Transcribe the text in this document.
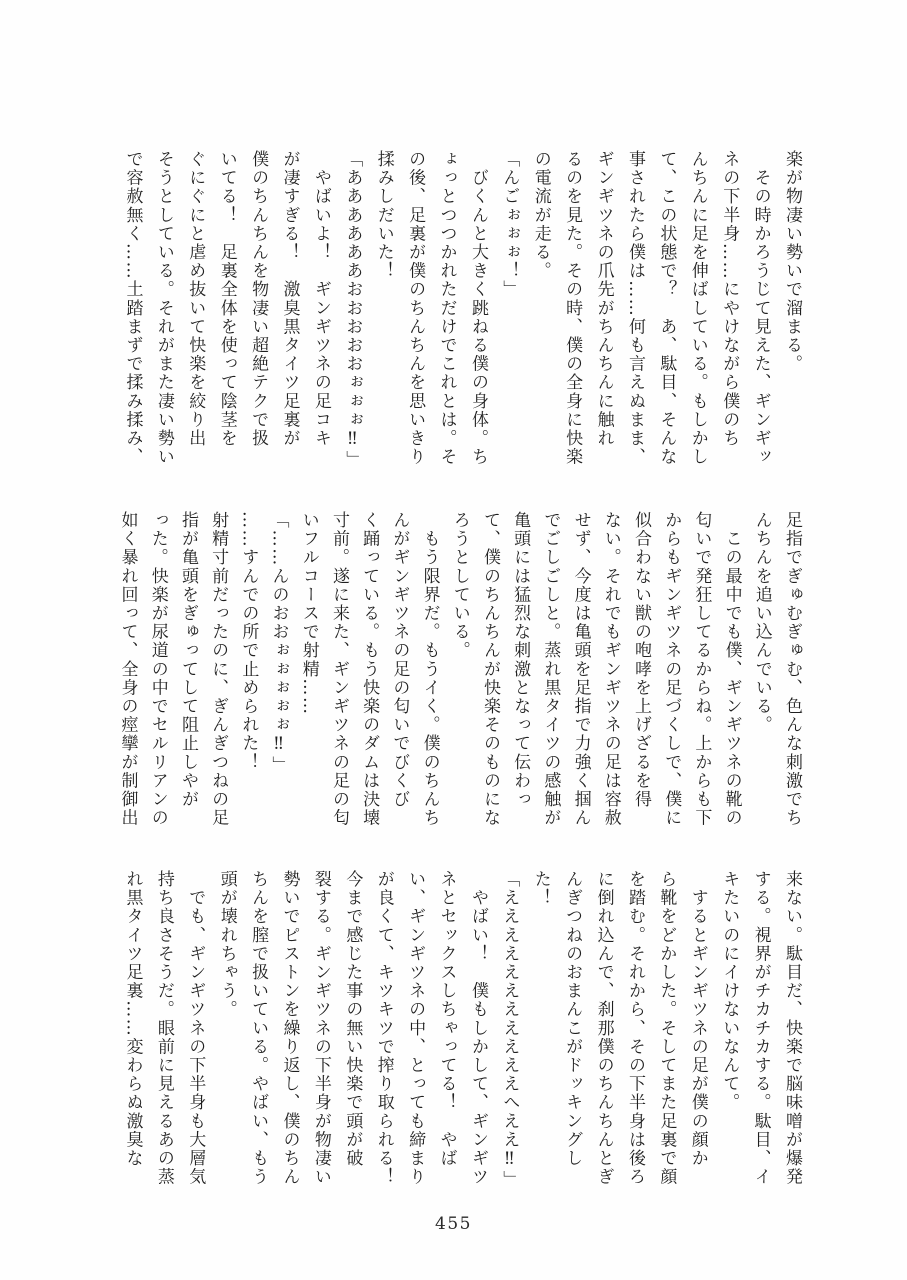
楽が物凄い勢いで溜まる。
　その時かろうじて見えた、ギンギッ
ネの下半身……にやけながら僕のち
んちんに足を伸ばしている。もしかし
て、この状態で？　あ、駄目、そんな
事されたら僕は……何も言えぬまま、
ギンギツネの爪先がちんちんに触れ
るのを見た。その時、僕の全身に快楽
の電流が走る。
「んごぉぉぉ！」
　びくんと大きく跳ねる僕の身体。ち
ょっとつつかれただけでこれとは。そ
の後、足裏が僕のちんちんを思いきり
揉みしだいた！
「ああああああおおおおおぉぉぉ‼」
　やばいよ！　ギンギツネの足コキ
が凄すぎる！　激臭黒タイツ足裏が
僕のちんちんを物凄い超絶テクで扱
いてる！　足裏全体を使って陰茎を
ぐにぐにと虐め抜いて快楽を絞り出
そうとしている。それがまた凄い勢い
で容赦無く……土踏まずで揉み揉み、
足指でぎゅむぎゅむ、色んな刺激でち
んちんを追い込んでいる。
　この最中でも僕、ギンギツネの靴の
匂いで発狂してるからね。上からも下
からもギンギツネの足づくしで、僕に
似合わない獣の咆哮を上げざるを得
ない。それでもギンギツネの足は容赦
せず、今度は亀頭を足指で力強く掴ん
でごしごしと。蒸れ黒タイツの感触が
亀頭には猛烈な刺激となって伝わっ
て、僕のちんちんが快楽そのものにな
ろうとしている。
　もう限界だ。もうイく。僕のちんち
んがギンギツネの足の匂いでびくび
く踊っている。もう快楽のダムは決壊
寸前。遂に来た、ギンギツネの足の匂
いフルコースで射精……
「……んのおおぉぉぉぉぉ‼」
……すんでの所で止められた！
射精寸前だったのに、ぎんぎつねの足
指が亀頭をぎゅってして阻止しやが
った。快楽が尿道の中でセルリアンの
如く暴れ回って、全身の痙攣が制御出
来ない。駄目だ、快楽で脳味噌が爆発
する。視界がチカチカする。駄目、イ
キたいのにイけないなんて。
　するとギンギツネの足が僕の顔か
ら靴をどかした。そしてまた足裏で顔
を踏む。それから、その下半身は後ろ
に倒れ込んで、刹那僕のちんちんとぎ
んぎつねのおまんこがドッキングし
た！
「えええええええええええへええ‼」
　やばい！　僕もしかして、ギンギツ
ネとセックスしちゃってる！　やば
い、ギンギツネの中、とっても締まり
が良くて、キツキツで搾り取られる！
今まで感じた事の無い快楽で頭が破
裂する。ギンギツネの下半身が物凄い
勢いでピストンを繰り返し、僕のちん
ちんを膣で扱いている。やばい、もう
頭が壊れちゃう。
　でも、ギンギツネの下半身も大層気
持ち良さそうだ。眼前に見えるあの蒸
れ黒タイツ足裏……変わらぬ激臭な
455
